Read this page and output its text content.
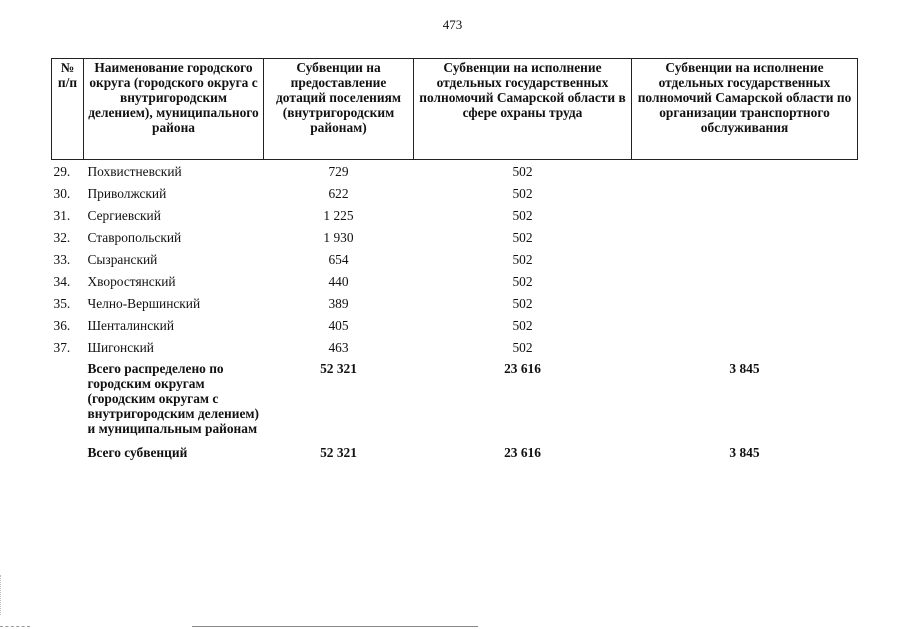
473
№ п/п	Наименование городского округа (городского округа с внутригородским делением), муниципального района	Субвенции на предоставление дотаций поселениям (внутригородским районам)	Субвенции на исполнение отдельных государственных полномочий Самарской области в сфере охраны труда	Субвенции на исполнение отдельных государственных полномочий Самарской области по организации транспортного обслуживания
29.	Похвистневский	729	502	
30.	Приволжский	622	502	
31.	Сергиевский	1 225	502	
32.	Ставропольский	1 930	502	
33.	Сызранский	654	502	
34.	Хворостянский	440	502	
35.	Челно-Вершинский	389	502	
36.	Шенталинский	405	502	
37.	Шигонский	463	502	
	Всего распределено по городским округам (городским округам с внутригородским делением) и муниципальным районам	52 321	23 616	3 845
	Всего субвенций	52 321	23 616	3 845
